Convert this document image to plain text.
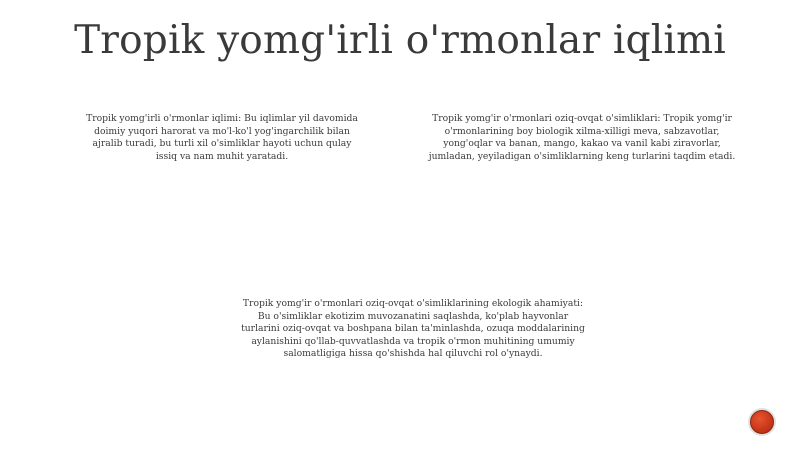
Tropik yomg'irli o'rmonlar iqlimi
Tropik yomg'irli o'rmonlar iqlimi: Bu iqlimlar yil davomida
doimiy yuqori harorat va mo'l-ko'l yog'ingarchilik bilan
ajralib turadi, bu turli xil o'simliklar hayoti uchun qulay
issiq va nam muhit yaratadi.
Tropik yomg'ir o'rmonlari oziq-ovqat o'simliklari: Tropik yomg'ir
o'rmonlarining boy biologik xilma-xilligi meva, sabzavotlar,
yong'oqlar va banan, mango, kakao va vanil kabi ziravorlar,
jumladan, yeyiladigan o'simliklarning keng turlarini taqdim etadi.
Tropik yomg'ir o'rmonlari oziq-ovqat o'simliklarining ekologik ahamiyati:
Bu o'simliklar ekotizim muvozanatini saqlashda, ko'plab hayvonlar
turlarini oziq-ovqat va boshpana bilan ta'minlashda, ozuqa moddalarining
aylanishini qo'llab-quvvatlashda va tropik o'rmon muhitining umumiy
salomatligiga hissa qo'shishda hal qiluvchi rol o'ynaydi.
